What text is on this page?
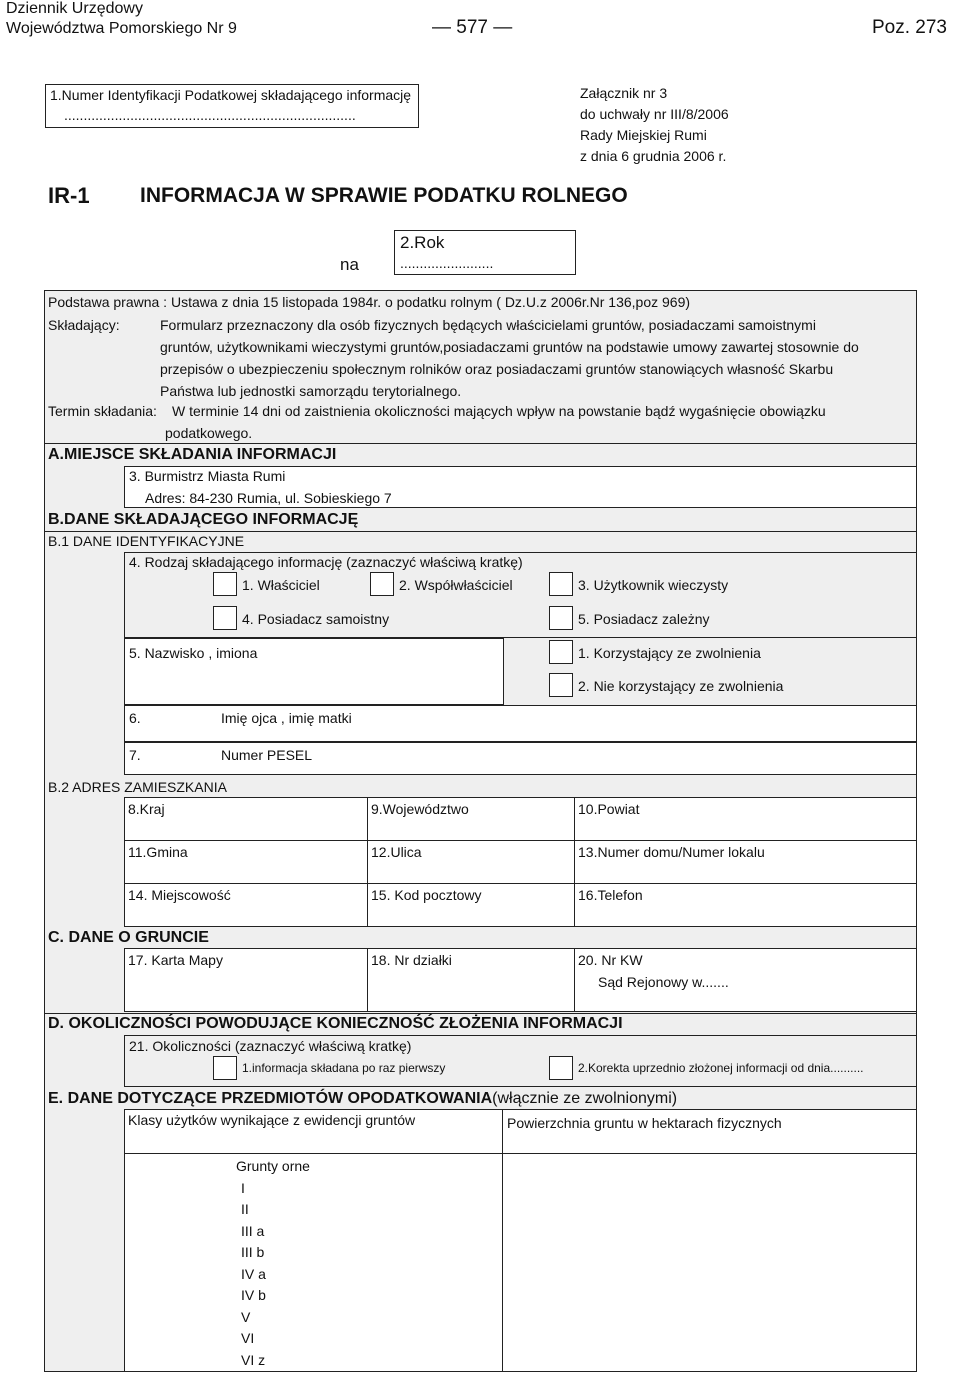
Dziennik Urzędowy
Województwa Pomorskiego Nr 9	— 577 —	Poz. 273
1.Numer Identyfikacji Podatkowej składającego informację
...........................................................................
Załącznik nr 3
do uchwały nr III/8/2006
Rady Miejskiej Rumi
z dnia 6 grudnia 2006 r.
IR-1 INFORMACJA W SPRAWIE PODATKU ROLNEGO
na
2.Rok
........................
Podstawa prawna : Ustawa z dnia 15 listopada 1984r. o podatku rolnym ( Dz.U.z 2006r.Nr 136,poz 969)
Składający:	Formularz przeznaczony dla osób fizycznych będących właścicielami gruntów, posiadaczami samoistnymi
gruntów, użytkownikami wieczystymi gruntów,posiadaczami gruntów na podstawie umowy zawartej stosownie do
przepisów o ubezpieczeniu społecznym rolników oraz posiadaczami gruntów stanowiących własność Skarbu
Państwa lub jednostki samorządu terytorialnego.
Termin składania: W terminie 14 dni od zaistnienia okoliczności mających wpływ na powstanie bądź wygaśnięcie obowiązku
podatkowego.
A.MIEJSCE SKŁADANIA INFORMACJI
3. Burmistrz Miasta Rumi
Adres: 84-230 Rumia, ul. Sobieskiego 7
B.DANE SKŁADAJĄCEGO INFORMACJĘ
B.1 DANE IDENTYFIKACYJNE
4. Rodzaj składającego informację (zaznaczyć właściwą kratkę)
1. Właściciel	2. Współwłaściciel	3. Użytkownik wieczysty
4. Posiadacz samoistny	5. Posiadacz zależny
5. Nazwisko , imiona	1. Korzystający ze zwolnienia
2. Nie korzystający ze zwolnienia
6.	Imię ojca , imię matki
7.	Numer PESEL
B.2 ADRES ZAMIESZKANIA
8.Kraj	9.Województwo	10.Powiat
11.Gmina	12.Ulica	13.Numer domu/Numer lokalu
14. Miejscowość	15. Kod pocztowy	16.Telefon
C. DANE O GRUNCIE
17. Karta Mapy	18. Nr działki	20. Nr KW
Sąd Rejonowy w.......
D. OKOLICZNOŚCI POWODUJĄCE KONIECZNOŚĆ ZŁOŻENIA INFORMACJI
21. Okoliczności (zaznaczyć właściwą kratkę)
1.informacja składana po raz pierwszy	2.Korekta uprzednio złożonej informacji od dnia..........
E. DANE DOTYCZĄCE PRZEDMIOTÓW OPODATKOWANIA(włącznie ze zwolnionymi)
Klasy użytków wynikające z ewidencji gruntów	Powierzchnia gruntu w hektarach fizycznych
Grunty orne
I
II
III a
III b
IV a
IV b
V
VI
VI z
